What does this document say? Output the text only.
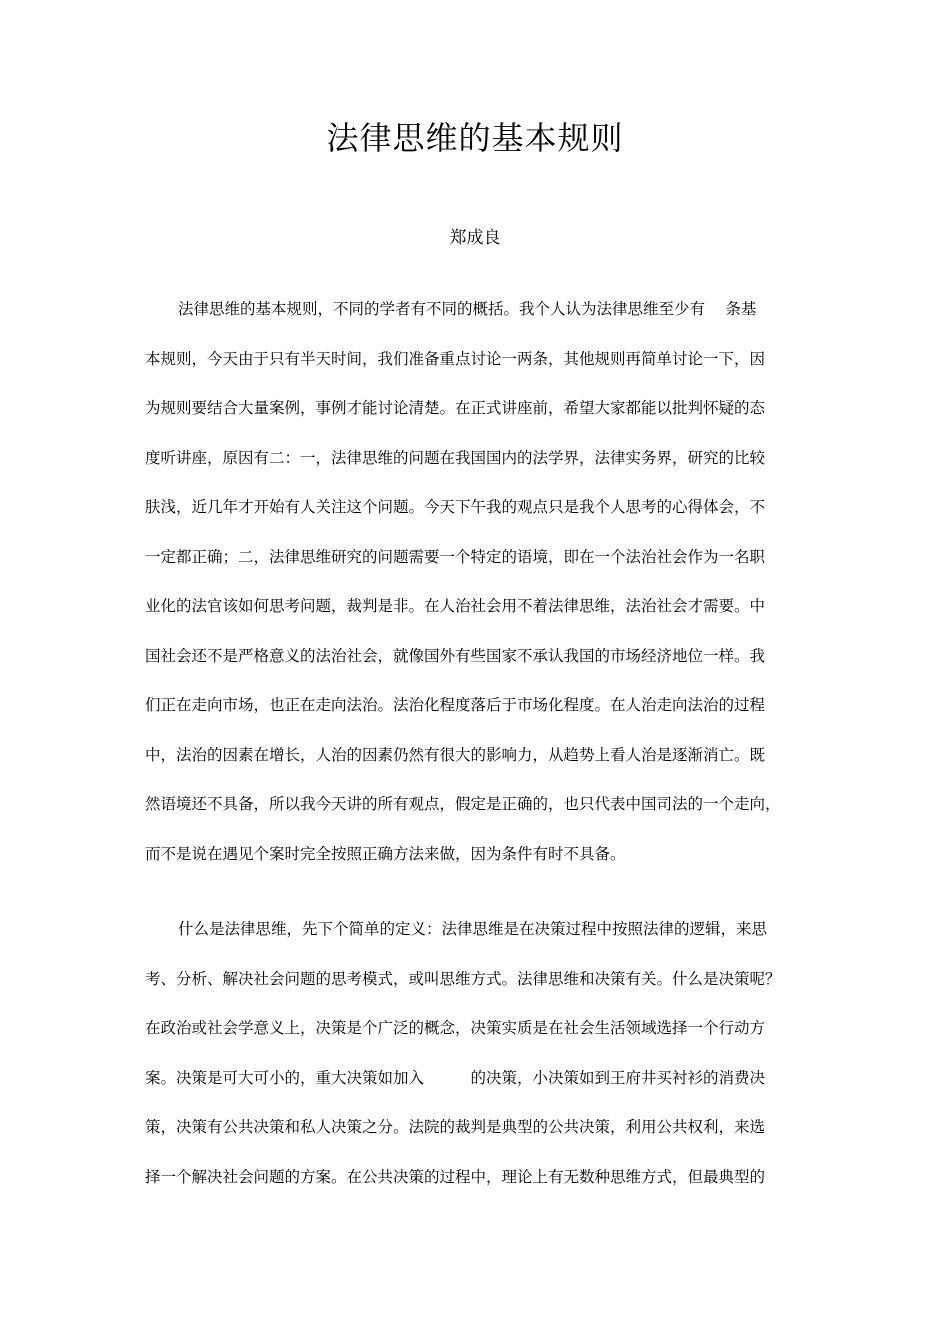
法律思维的基本规则

郑成良

法律思维的基本规则，不同的学者有不同的概括。我个人认为法律思维至少有　 条基
本规则，今天由于只有半天时间，我们准备重点讨论一两条，其他规则再简单讨论一下，因
为规则要结合大量案例，事例才能讨论清楚。在正式讲座前，希望大家都能以批判怀疑的态
度听讲座，原因有二：一，法律思维的问题在我国国内的法学界，法律实务界，研究的比较
肤浅，近几年才开始有人关注这个问题。今天下午我的观点只是我个人思考的心得体会，不
一定都正确；二，法律思维研究的问题需要一个特定的语境，即在一个法治社会作为一名职
业化的法官该如何思考问题，裁判是非。在人治社会用不着法律思维，法治社会才需要。中
国社会还不是严格意义的法治社会，就像国外有些国家不承认我国的市场经济地位一样。我
们正在走向市场，也正在走向法治。法治化程度落后于市场化程度。在人治走向法治的过程
中，法治的因素在增长，人治的因素仍然有很大的影响力，从趋势上看人治是逐渐消亡。既
然语境还不具备，所以我今天讲的所有观点，假定是正确的，也只代表中国司法的一个走向，
而不是说在遇见个案时完全按照正确方法来做，因为条件有时不具备。
什么是法律思维，先下个简单的定义：法律思维是在决策过程中按照法律的逻辑，来思
考、分析、解决社会问题的思考模式，或叫思维方式。法律思维和决策有关。什么是决策呢？
在政治或社会学意义上，决策是个广泛的概念，决策实质是在社会生活领域选择一个行动方
案。决策是可大可小的，重大决策如加入　　　的决策，小决策如到王府井买衬衫的消费决
策，决策有公共决策和私人决策之分。法院的裁判是典型的公共决策，利用公共权利，来选
择一个解决社会问题的方案。在公共决策的过程中，理论上有无数种思维方式，但最典型的
